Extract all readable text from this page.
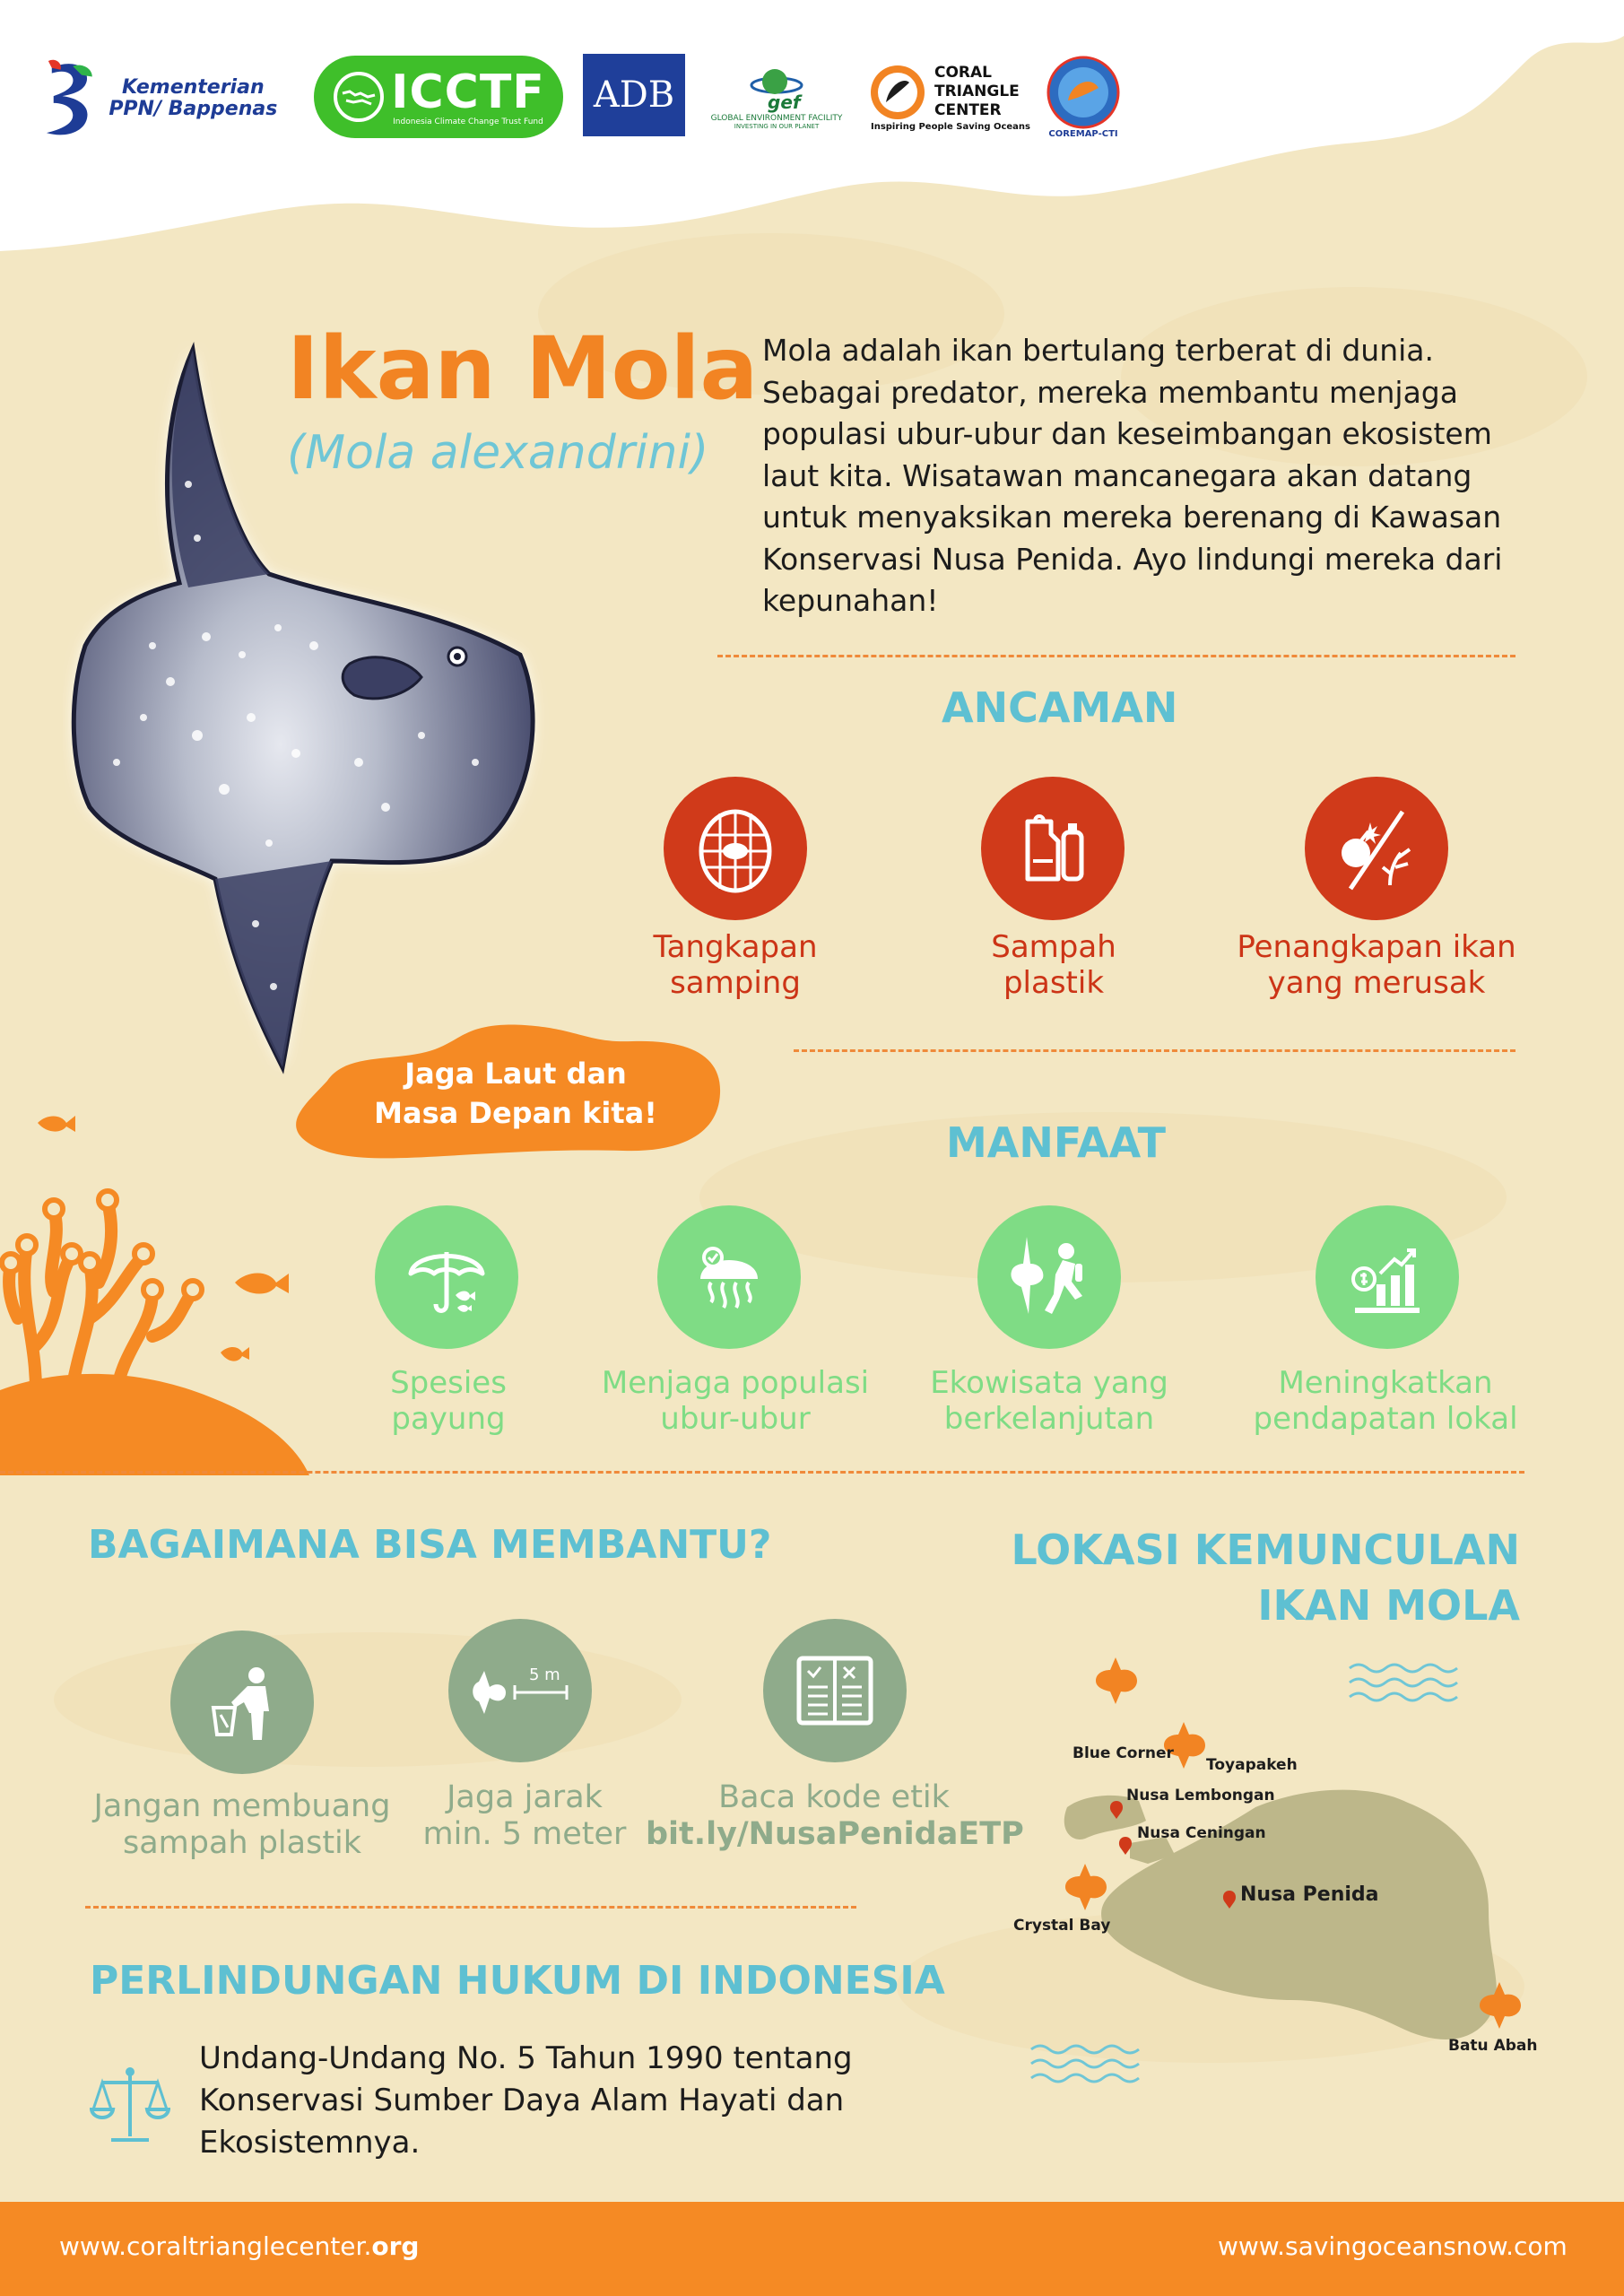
Kementerian PPN/ Bappenas ICCTF
Indonesia Climate Change Trust Fund
ADB	gef
GLOBAL ENVIRONMENT FACILITY
INVESTING IN OUR PLANET
CORAL TRIANGLE CENTER
Inspiring People Saving Oceans
COREMAP-CTI
Ikan Mola
(Mola alexandrini)
Mola adalah ikan bertulang terberat di dunia. Sebagai predator, mereka membantu menjaga populasi ubur-ubur dan keseimbangan ekosistem laut kita. Wisatawan mancanegara akan datang untuk menyaksikan mereka berenang di Kawasan Konservasi Nusa Penida. Ayo lindungi mereka dari kepunahan!
ANCAMAN
Tangkapan
samping
Sampah
plastik
Penangkapan ikan
yang merusak
Jaga Laut dan
Masa Depan kita!
MANFAAT
Spesies
payung
Menjaga populasi
ubur-ubur
Ekowisata yang
berkelanjutan
Meningkatkan
pendapatan lokal
BAGAIMANA BISA MEMBANTU?
Jangan membuang
sampah plastik
5 m
Jaga jarak
min. 5 meter
Baca kode etik
bit.ly/NusaPenidaETP
PERLINDUNGAN HUKUM DI INDONESIA
Undang-Undang No. 5 Tahun 1990 tentang Konservasi Sumber Daya Alam Hayati dan Ekosistemnya.
LOKASI KEMUNCULAN
IKAN MOLA
Blue Corner
Toyapakeh
Nusa Lembongan
Nusa Ceningan
Nusa Penida
Crystal Bay
Batu Abah
www.coraltrianglecenter.org	www.savingoceansnow.com
